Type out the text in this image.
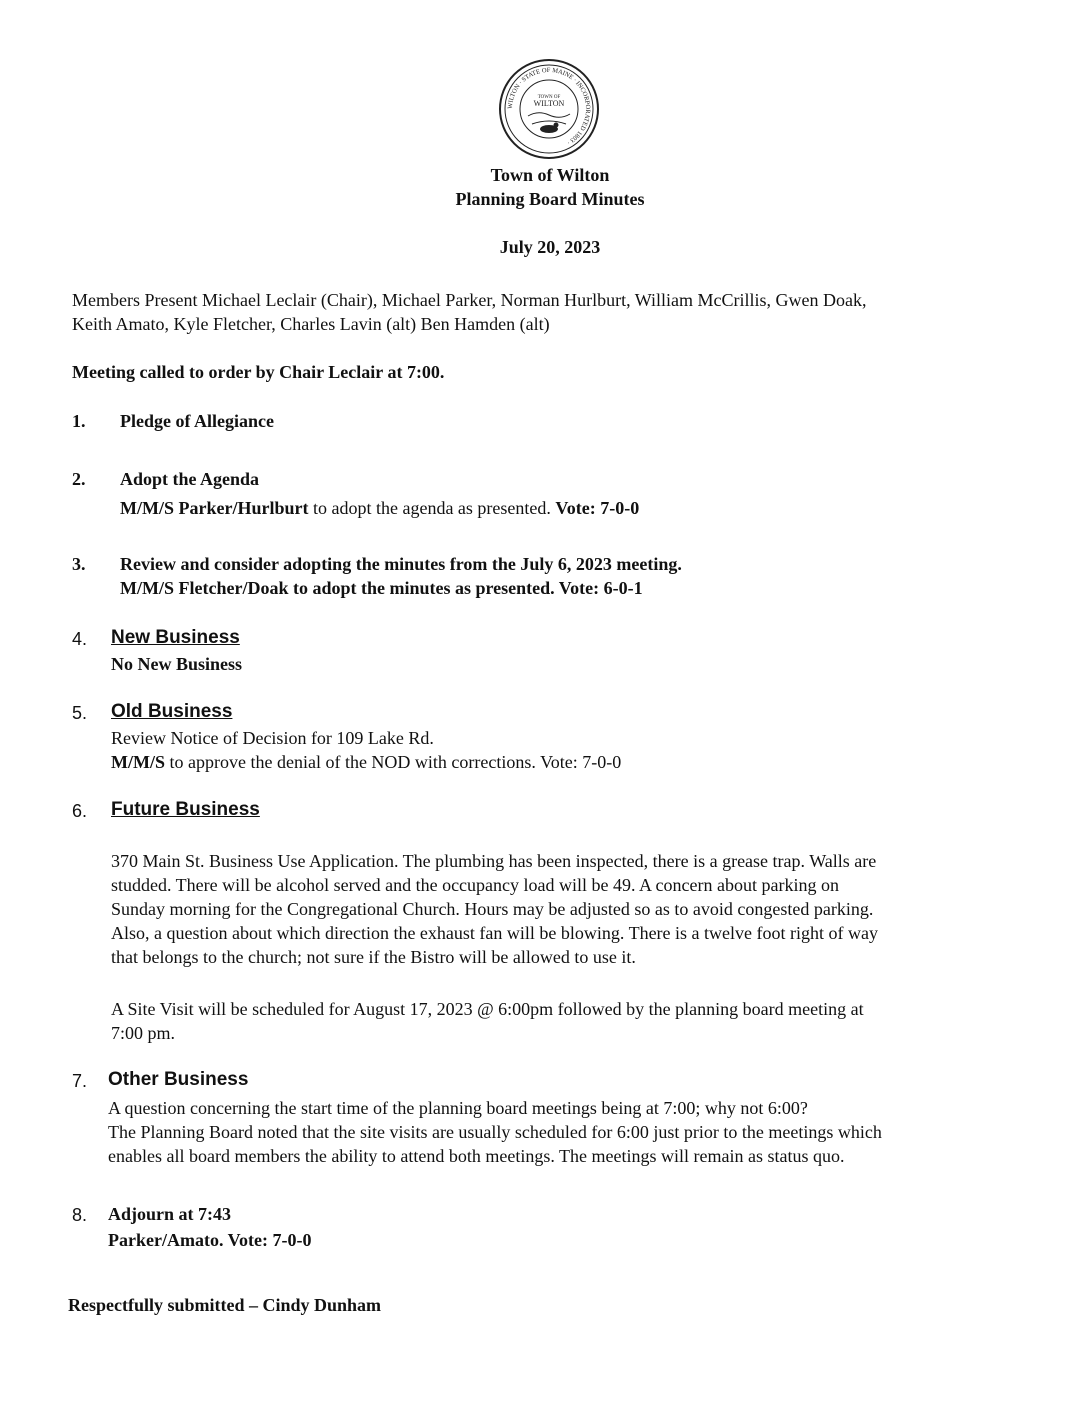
WILTON · STATE OF MAINE · INCORPORATED 1803 ·
TOWN OF
WILTON
Town of Wilton
Planning Board Minutes
July 20, 2023
Members Present Michael Leclair (Chair), Michael Parker, Norman Hurlburt, William McCrillis, Gwen Doak,
Keith Amato, Kyle Fletcher, Charles Lavin (alt) Ben Hamden (alt)
Meeting called to order by Chair Leclair at 7:00.
1. Pledge of Allegiance
2. Adopt the Agenda
M/M/S Parker/Hurlburt to adopt the agenda as presented. Vote: 7-0-0
3. Review and consider adopting the minutes from the July 6, 2023 meeting.
M/M/S Fletcher/Doak to adopt the minutes as presented. Vote: 6-0-1
4. New Business
No New Business
5. Old Business
Review Notice of Decision for 109 Lake Rd.
M/M/S to approve the denial of the NOD with corrections. Vote: 7-0-0
6. Future Business

370 Main St. Business Use Application. The plumbing has been inspected, there is a grease trap. Walls are

studded. There will be alcohol served and the occupancy load will be 49. A concern about parking on

Sunday morning for the Congregational Church. Hours may be adjusted so as to avoid congested parking.

Also, a question about which direction the exhaust fan will be blowing. There is a twelve foot right of way

that belongs to the church; not sure if the Bistro will be allowed to use it.

A Site Visit will be scheduled for August 17, 2023 @ 6:00pm followed by the planning board meeting at

7:00 pm.

7. Other Business

A question concerning the start time of the planning board meetings being at 7:00; why not 6:00?

The Planning Board noted that the site visits are usually scheduled for 6:00 just prior to the meetings which

enables all board members the ability to attend both meetings. The meetings will remain as status quo.

8. Adjourn at 7:43
Parker/Amato. Vote: 7-0-0
Respectfully submitted – Cindy Dunham
